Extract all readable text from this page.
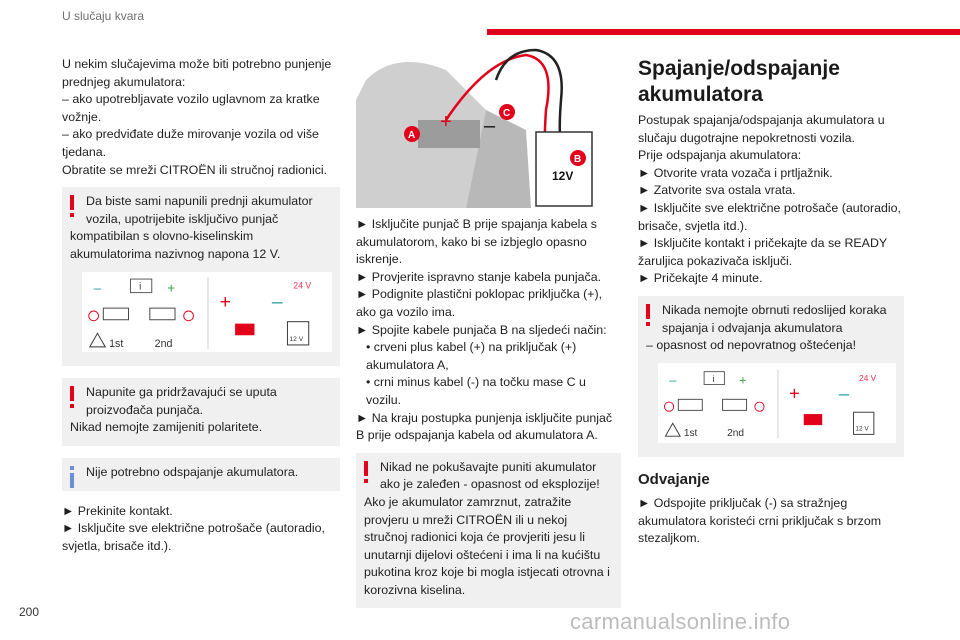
U slučaju kvara

U nekim slučajevima može biti potrebno punjenje prednjeg akumulatora:

– ako upotrebljavate vozilo uglavnom za kratke vožnje.

– ako predviđate duže mirovanje vozila od više tjedana.

Obratite se mreži CITROËN ili stručnoj radionici.

Da biste sami napunili prednji akumulator
vozila, upotrijebite isključivo punjač
kompatibilan s olovno-kiselinskim
akumulatorima nazivnog napona 12 V.
–	+
i
1st	2nd
24 V
+ –
12 V
Napunite ga pridržavajući se uputa
proizvođača punjača.
Nikad nemojte zamijeniti polaritete.
Nije potrebno odspajanje akumulatora.

► Prekinite kontakt.

► Isključite sve električne potrošače (autoradio, svjetla, brisače itd.).

12V
A
B
C
+ –

► Isključite punjač B prije spajanja kabela s akumulatorom, kako bi se izbjeglo opasno iskrenje.

► Provjerite ispravno stanje kabela punjača.

► Podignite plastični poklopac priključka (+), ako ga vozilo ima.

► Spojite kabele punjača B na sljedeći način:

• crveni plus kabel (+) na priključak (+) akumulatora A,

• crni minus kabel (-) na točku mase C u vozilu.

► Na kraju postupka punjenja isključite punjač B prije odspajanja kabela od akumulatora A.

Nikad ne pokušavajte puniti akumulator
ako je zaleđen - opasnost od eksplozije!
Ako je akumulator zamrznut, zatražite provjeru u mreži CITROËN ili u nekoj stručnoj radionici koja će provjeriti jesu li unutarnji dijelovi oštećeni i ima li na kućištu pukotina kroz koje bi mogla istjecati otrovna i korozivna kiselina.
Spajanje/odspajanje akumulatora

Postupak spajanja/odspajanja akumulatora u slučaju dugotrajne nepokretnosti vozila.

Prije odspajanja akumulatora:

► Otvorite vrata vozača i prtljažnik.

► Zatvorite sva ostala vrata.

► Isključite sve električne potrošače (autoradio, brisače, svjetla itd.).

► Isključite kontakt i pričekajte da se READY žaruljica pokazivača isključi.

► Pričekajte 4 minute.

Nikada nemojte obrnuti redoslijed koraka
spajanja i odvajanja akumulatora
– opasnost od nepovratnog oštećenja!
–	+
i
1st	2nd
24 V
+ –
12 V
Odvajanje

► Odspojite priključak (-) sa stražnjeg akumulatora koristeći crni priključak s brzom stezaljkom.

200	carmanualsonline.info
